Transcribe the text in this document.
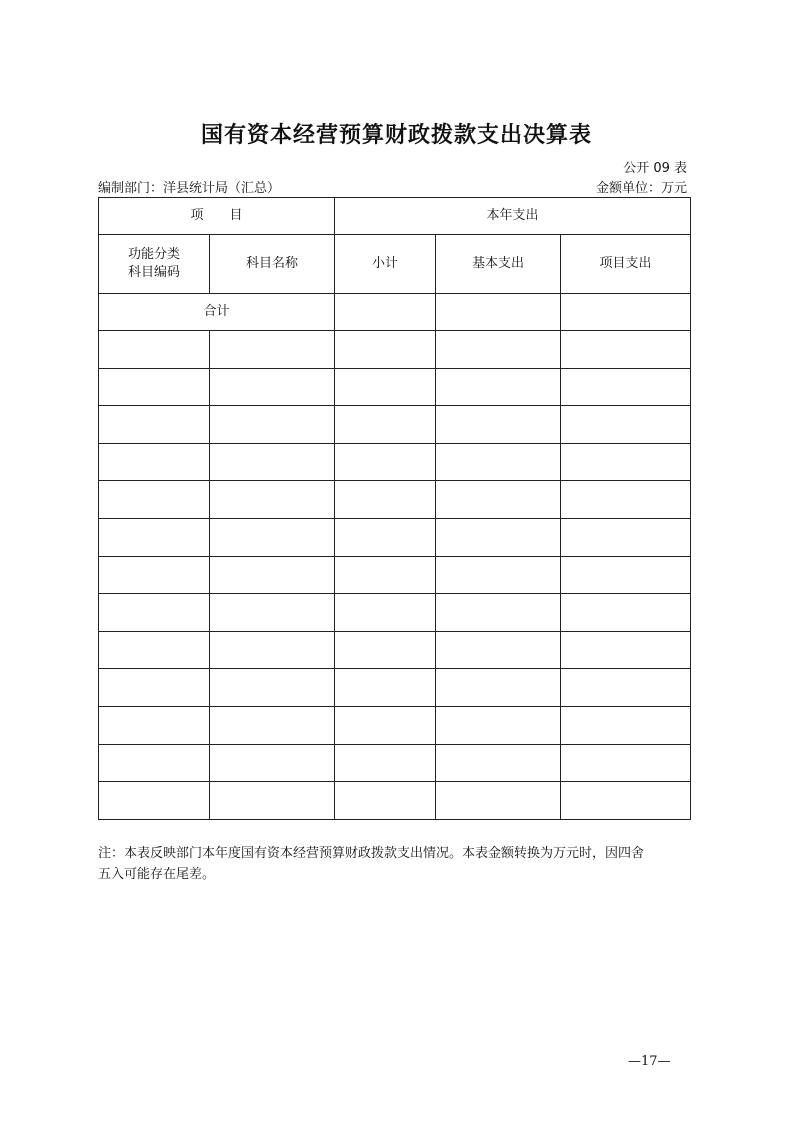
国有资本经营预算财政拨款支出决算表
公开 09 表
编制部门：洋县统计局（汇总）	金额单位：万元
项　　目		本年支出		

功能分类
科目编码	科目名称	小计	基本支出	项目支出
合计				

注：本表反映部门本年度国有资本经营预算财政拨款支出情况。本表金额转换为万元时，因四舍
五入可能存在尾差。
—17—
